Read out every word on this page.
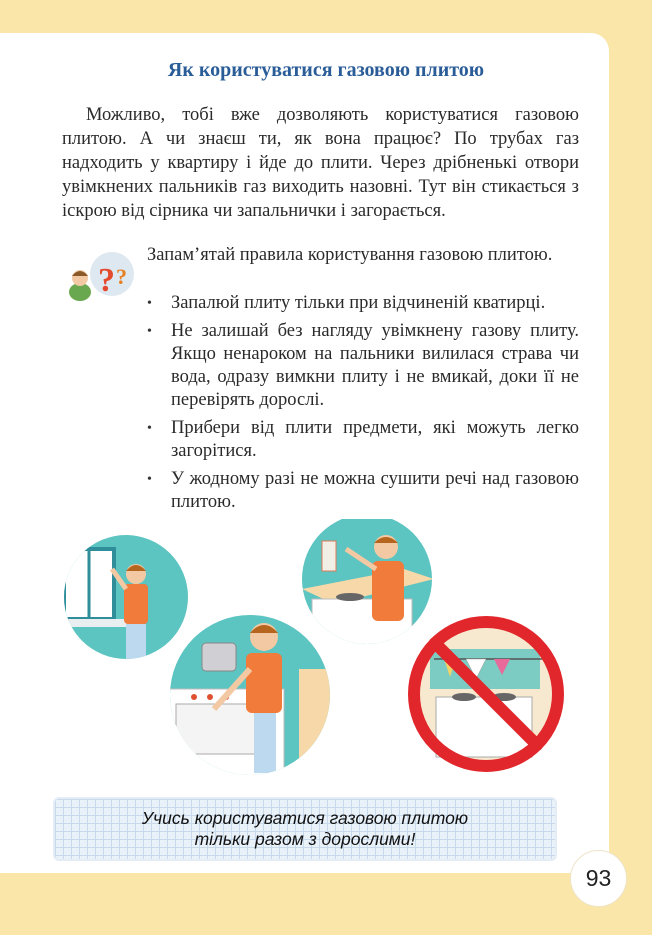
Як користуватися газовою плитою

Можливо, тобі вже дозволяють користуватися газовою плитою. А чи знаєш ти, як вона працює? По трубах газ надходить у квартиру і йде до плити. Через дрібненькі отвори увімкнених пальників газ виходить назовні. Тут він стикається з іскрою від сірника чи запальнички і загорається.

? ?

Запам’ятай правила користування газовою плитою.

• Запалюй плиту тільки при відчиненій кватирці.
• Не залишай без нагляду увімкнену газову плиту. Якщо ненароком на пальники вилилася страва чи вода, одразу вимкни плиту і не вмикай, доки її не перевірять дорослі.
• Прибери від плити предмети, які можуть легко загорітися.
• У жодному разі не можна сушити речі над газовою плитою.
Учись користуватися газовою плитою
тільки разом з дорослими!
93
